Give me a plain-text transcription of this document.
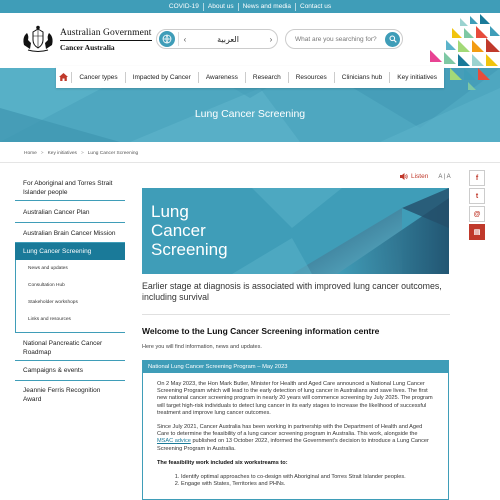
COVID-19	About us	News and media	Contact us
Australian Government
Cancer Australia
‹	العربية	›
What are you searching for?
Lung Cancer Screening
Cancer types	Impacted by Cancer	Awareness	Research	Resources	Clinicians hub	Key initiatives
Home > Key initiatives > Lung Cancer Screening
For Aboriginal and Torres Strait Islander people
Australian Cancer Plan
Australian Brain Cancer Mission
Lung Cancer Screening
News and updates
Consultation Hub
Stakeholder workshops
Links and resources
National Pancreatic Cancer Roadmap
Campaigns & events
Jeannie Ferris Recognition Award
Listen A | A
Lung
Cancer
Screening
Earlier stage at diagnosis is associated with improved lung cancer outcomes, including survival
Welcome to the Lung Cancer Screening information centre
Here you will find information, news and updates.
National Lung Cancer Screening Program – May 2023

On 2 May 2023, the Hon Mark Butler, Minister for Health and Aged Care announced a National Lung Cancer Screening Program which will lead to the early detection of lung cancer in Australians and save lives. The first new national cancer screening program in nearly 20 years will commence screening by July 2025. The program will target high-risk individuals to detect lung cancer in its early stages to increase the likelihood of successful treatment and improve lung cancer outcomes.

Since July 2021, Cancer Australia has been working in partnership with the Department of Health and Aged Care to determine the feasibility of a lung cancer screening program in Australia. This work, alongside the MSAC advice published on 13 October 2022, informed the Government's decision to introduce a Lung Cancer Screening Program in Australia.

The feasibility work included six workstreams to:

1. Identify optimal approaches to co-design with Aboriginal and Torres Strait Islander peoples.
2. Engage with States, Territories and PHNs.
f
t
@
▤
